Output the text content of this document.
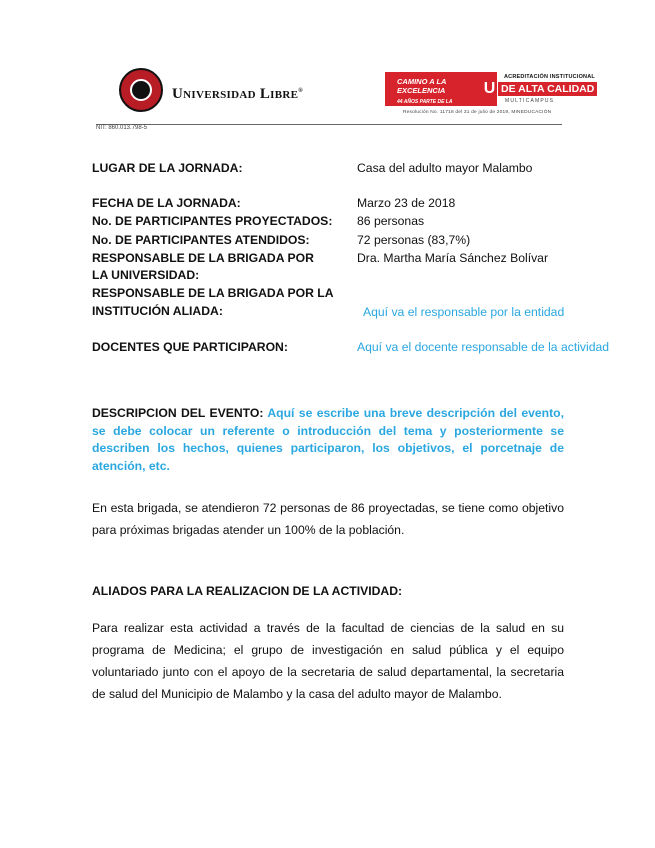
Universidad Libre®
NIT: 860.013.798-5
CAMINO A LA EXCELENCIA
44 AÑOS PARTE DE LA
U
ACREDITACIÓN INSTITUCIONAL
DE ALTA CALIDAD
MULTICAMPUS
Resolución No. 11718 del 31 de julio de 2019, MINEDUCACIÓN
LUGAR DE LA JORNADA:	Casa del adulto mayor Malambo
FECHA DE LA JORNADA:	Marzo 23 de 2018
No. DE PARTICIPANTES PROYECTADOS: 86 personas
No. DE PARTICIPANTES ATENDIDOS:	72 personas (83,7%)
RESPONSABLE DE LA BRIGADA POR
LA UNIVERSIDAD:
Dra. Martha María Sánchez Bolívar
RESPONSABLE DE LA BRIGADA POR LA
INSTITUCIÓN ALIADA:	Aquí va el responsable por la entidad
DOCENTES QUE PARTICIPARON:	Aquí va el docente responsable de la actividad
DESCRIPCION DEL EVENTO: Aquí se escribe una breve descripción del evento, se debe colocar un referente o introducción del tema y posteriormente se describen los hechos, quienes participaron, los objetivos, el porcetnaje de atención, etc.
En esta brigada, se atendieron 72 personas de 86 proyectadas, se tiene como objetivo para próximas brigadas atender un 100% de la población.
ALIADOS PARA LA REALIZACION DE LA ACTIVIDAD:
Para realizar esta actividad a través de la facultad de ciencias de la salud en su programa de Medicina; el grupo de investigación en salud pública y el equipo voluntariado junto con el apoyo de la secretaria de salud departamental, la secretaria de salud del Municipio de Malambo y la casa del adulto mayor de Malambo.
